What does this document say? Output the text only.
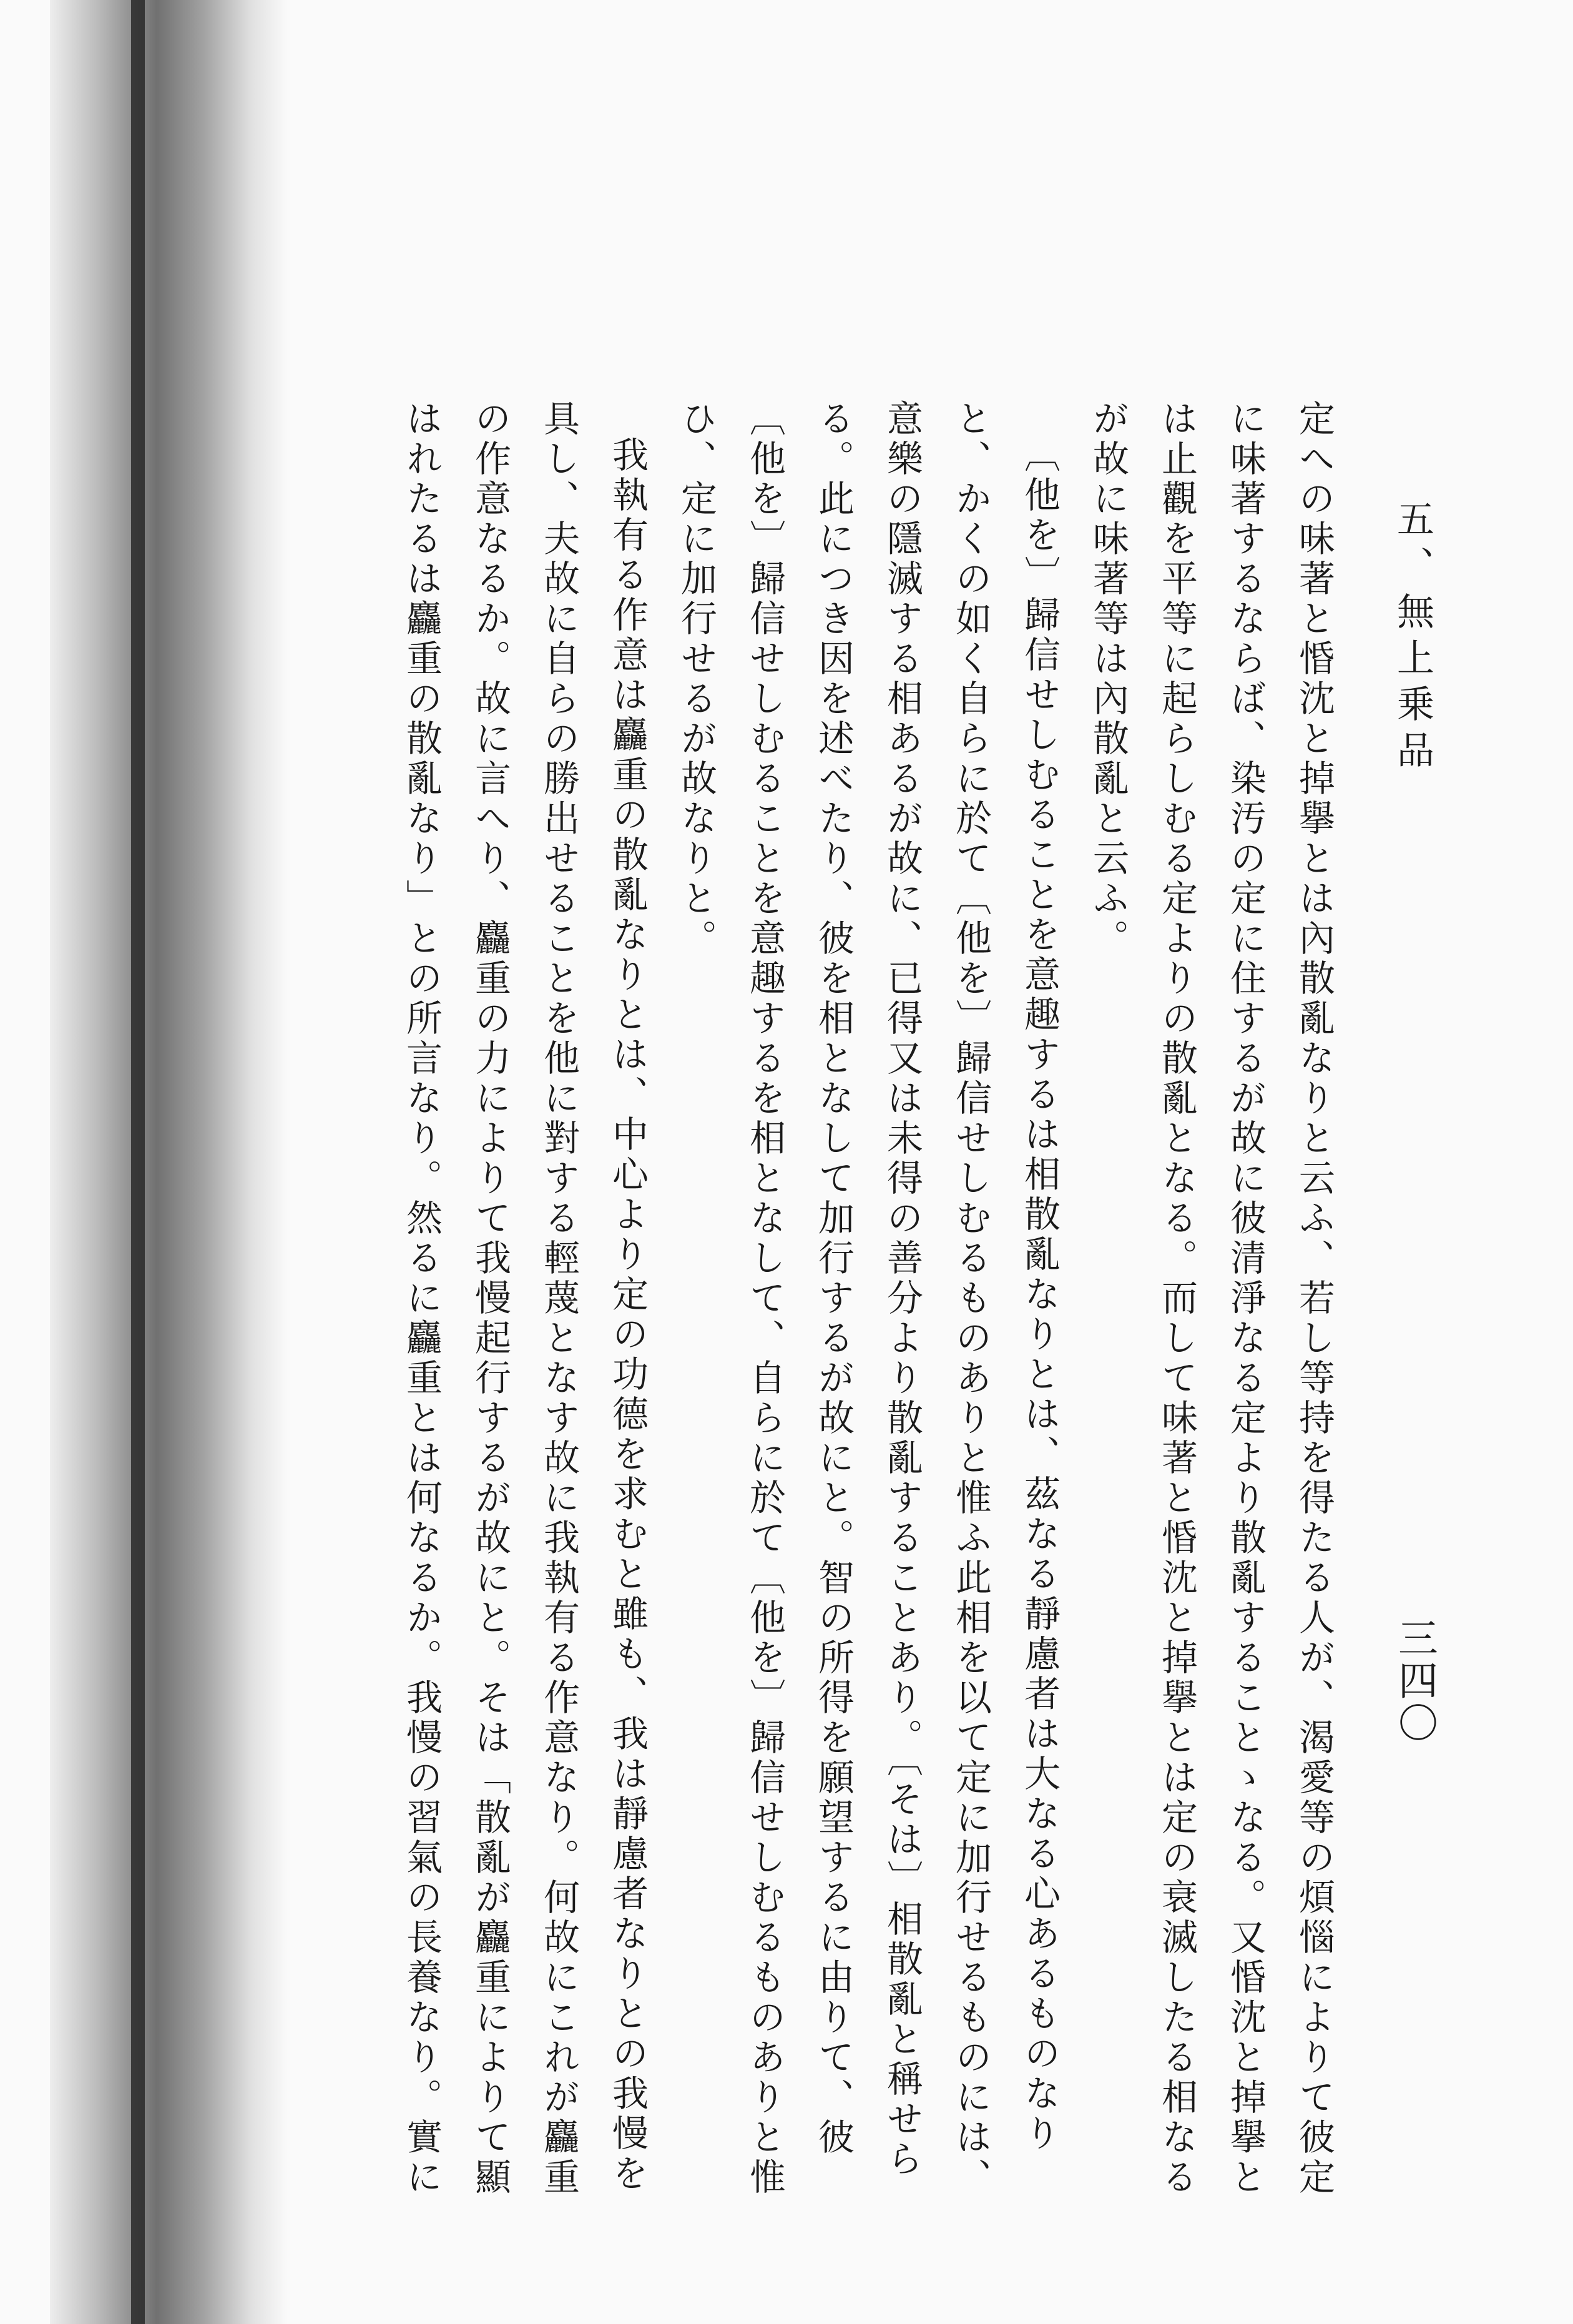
五、無上乗品
三四〇

定への味著と惛沈と掉擧とは內散亂なりと云ふ、若し等持を得たる人が、渴愛等の煩惱によりて彼定に味著するならば、染汚の定に住するが故に彼清淨なる定より散亂することゝなる。又惛沈と掉擧とは止觀を平等に起らしむる定よりの散亂となる。而して味著と惛沈と掉擧とは定の衰滅したる相なるが故に味著等は內散亂と云ふ。

〔他を〕歸信せしむることを意趣するは相散亂なりとは、茲なる靜慮者は大なる心あるものなりと、かくの如く自らに於て〔他を〕歸信せしむるものありと惟ふ此相を以て定に加行せるものには、意樂の隱滅する相あるが故に、已得又は未得の善分より散亂することあり。〔そは〕相散亂と稱せらる。此につき因を述べたり、彼を相となして加行するが故にと。智の所得を願望するに由りて、彼〔他を〕歸信せしむることを意趣するを相となして、自らに於て〔他を〕歸信せしむるものありと惟ひ、定に加行せるが故なりと。

我執有る作意は麤重の散亂なりとは、中心より定の功德を求むと雖も、我は靜慮者なりとの我慢を具し、夫故に自らの勝出せることを他に對する輕蔑となす故に我執有る作意なり。何故にこれが麤重の作意なるか。故に言へり、麤重の力によりて我慢起行するが故にと。そは「散亂が麤重によりて顯はれたるは麤重の散亂なり」との所言なり。然るに麤重とは何なるか。我慢の習氣の長養なり。實に
